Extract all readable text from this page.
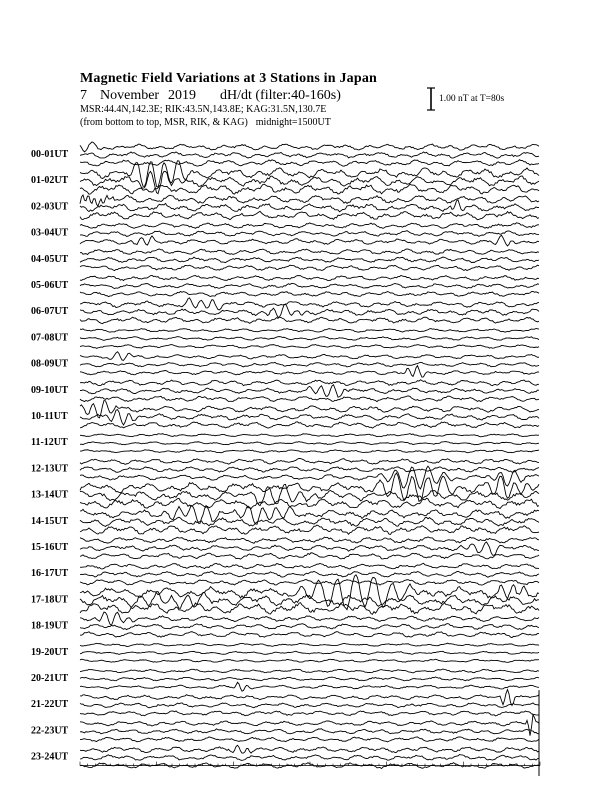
Magnetic Field Variations at 3 Stations in Japan
7 November 2019 dH/dt (filter:40-160s)
MSR:44.4N,142.3E; RIK:43.5N,143.8E; KAG:31.5N,130.7E
(from bottom to top, MSR, RIK, & KAG) midnight=1500UT
1.00 nT at T=80s
00-01UT
01-02UT
02-03UT
03-04UT
04-05UT
05-06UT
06-07UT
07-08UT
08-09UT
09-10UT
10-11UT
11-12UT
12-13UT
13-14UT
14-15UT
15-16UT
16-17UT
17-18UT
18-19UT
19-20UT
20-21UT
21-22UT
22-23UT
23-24UT
